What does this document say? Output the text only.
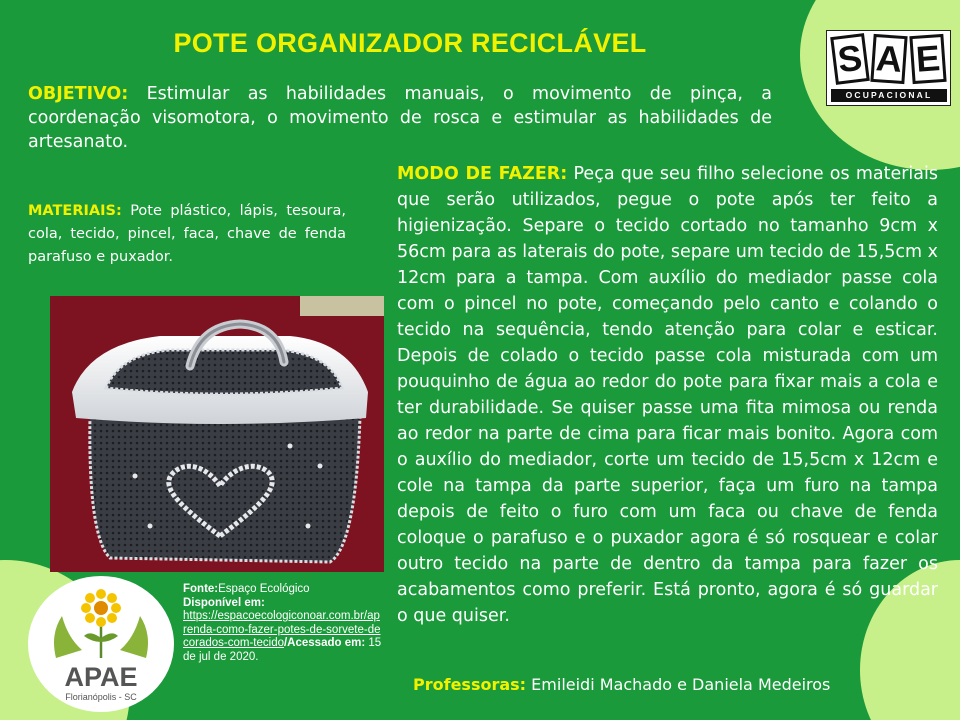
POTE ORGANIZADOR RECICLÁVEL	S A E
OCUPACIONAL

OBJETIVO: Estimular as habilidades manuais, o movimento de pinça, a coordenação visomotora, o movimento de rosca e estimular as habilidades de artesanato.

MATERIAIS: Pote plástico, lápis, tesoura, cola, tecido, pincel, faca, chave de fenda parafuso e puxador.

MODO DE FAZER: Peça que seu filho selecione os materiais que serão utilizados, pegue o pote após ter feito a higienização. Separe o tecido cortado no tamanho 9cm x 56cm para as laterais do pote, separe um tecido de 15,5cm x 12cm para a tampa. Com auxílio do mediador passe cola com o pincel no pote, começando pelo canto e colando o tecido na sequência, tendo atenção para colar e esticar. Depois de colado o tecido passe cola misturada com um pouquinho de água ao redor do pote para fixar mais a cola e ter durabilidade. Se quiser passe uma fita mimosa ou renda ao redor na parte de cima para ficar mais bonito. Agora com o auxílio do mediador, corte um tecido de 15,5cm x 12cm e cole na tampa da parte superior, faça um furo na tampa depois de feito o furo com um faca ou chave de fenda coloque o parafuso e o puxador agora é só rosquear e colar outro tecido na parte de dentro da tampa para fazer os acabamentos como preferir. Está pronto, agora é só guardar o que quiser.

APAE
Florianópolis - SC
Fonte:Espaço Ecológico
Disponível em:
https://espacoecologiconoar.com.br/aprenda-como-fazer-potes-de-sorvete-decorados-com-tecido/Acessado em: 15 de jul de 2020.

Professoras: Emileidi Machado e Daniela Medeiros
